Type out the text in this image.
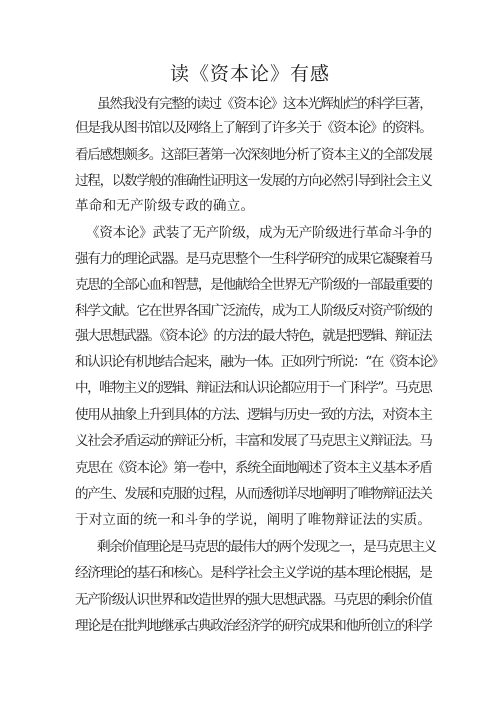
读《资本论》有感
虽然我没有完整的读过《资本论》这本光辉灿烂的科学巨著，
但是我从图书馆以及网络上了解到了许多关于《资本论》的资料。
看后感想颇多。这部巨著第一次深刻地分析了资本主义的全部发展
过程，以数学般的准确性证明这一发展的方向必然引导到社会主义
革命和无产阶级专政的确立。
《资本论》武装了无产阶级，成为无产阶级进行革命斗争的
强有力的理论武器。是马克思整个一生科学研究的成果它凝聚着马
克思的全部心血和智慧，是他献给全世界无产阶级的一部最重要的
科学文献。它在世界各国广泛流传，成为工人阶级反对资产阶级的
强大思想武器。《资本论》的方法的最大特色，就是把逻辑、辩证法
和认识论有机地结合起来，融为一体。正如列宁所说：“在《资本论》
中，唯物主义的逻辑、辩证法和认识论都应用于一门科学”。马克思
使用从抽象上升到具体的方法、逻辑与历史一致的方法，对资本主
义社会矛盾运动的辩证分析，丰富和发展了马克思主义辩证法。马
克思在《资本论》第一卷中，系统全面地阐述了资本主义基本矛盾
的产生、发展和克服的过程，从而透彻详尽地阐明了唯物辩证法关
于对立面的统一和斗争的学说，阐明了唯物辩证法的实质。
剩余价值理论是马克思的最伟大的两个发现之一，是马克思主义
经济理论的基石和核心。是科学社会主义学说的基本理论根据，是
无产阶级认识世界和改造世界的强大思想武器。马克思的剩余价值
理论是在批判地继承古典政治经济学的研究成果和他所创立的科学
